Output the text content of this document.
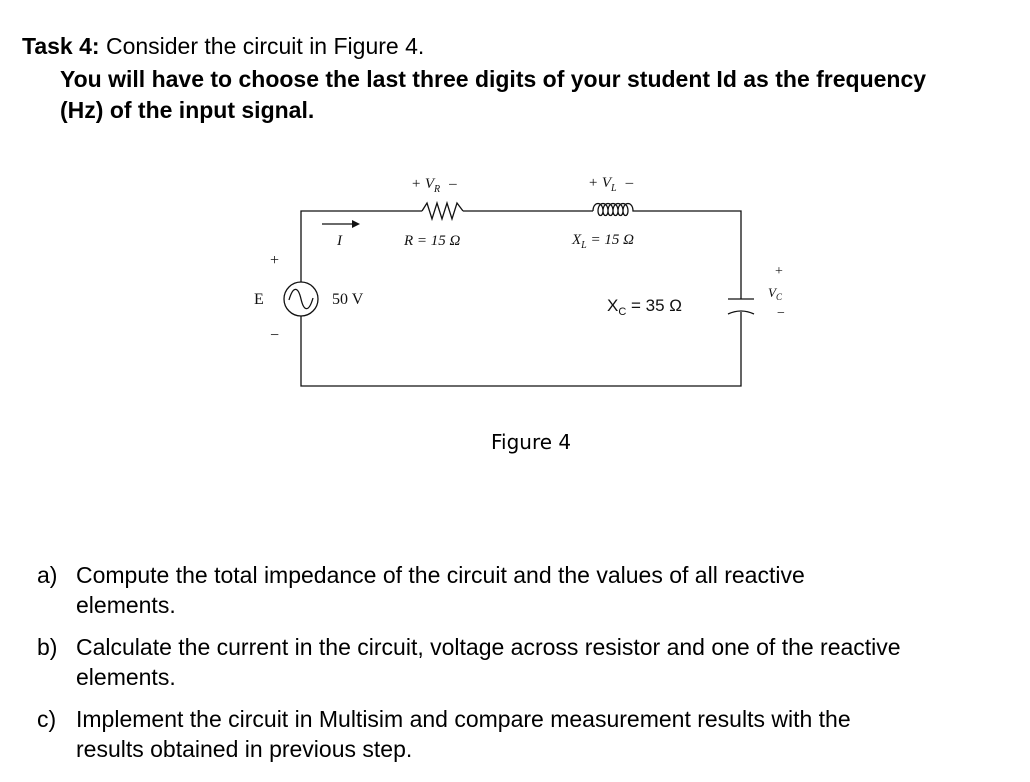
Task 4: Consider the circuit in Figure 4.
You will have to choose the last three digits of your student Id as the frequency
(Hz) of the input signal.
+
E
−
50 V
I
+ $V_R$ –
R = 15 Ω
+ $V_L$ –
$X_L = 15$ Ω
+
$V_C$
−
$X_C = 35$ Ω
Figure 4
a) Compute the total impedance of the circuit and the values of all reactive
elements.
b) Calculate the current in the circuit, voltage across resistor and one of the reactive
elements.
c) Implement the circuit in Multisim and compare measurement results with the
results obtained in previous step.
